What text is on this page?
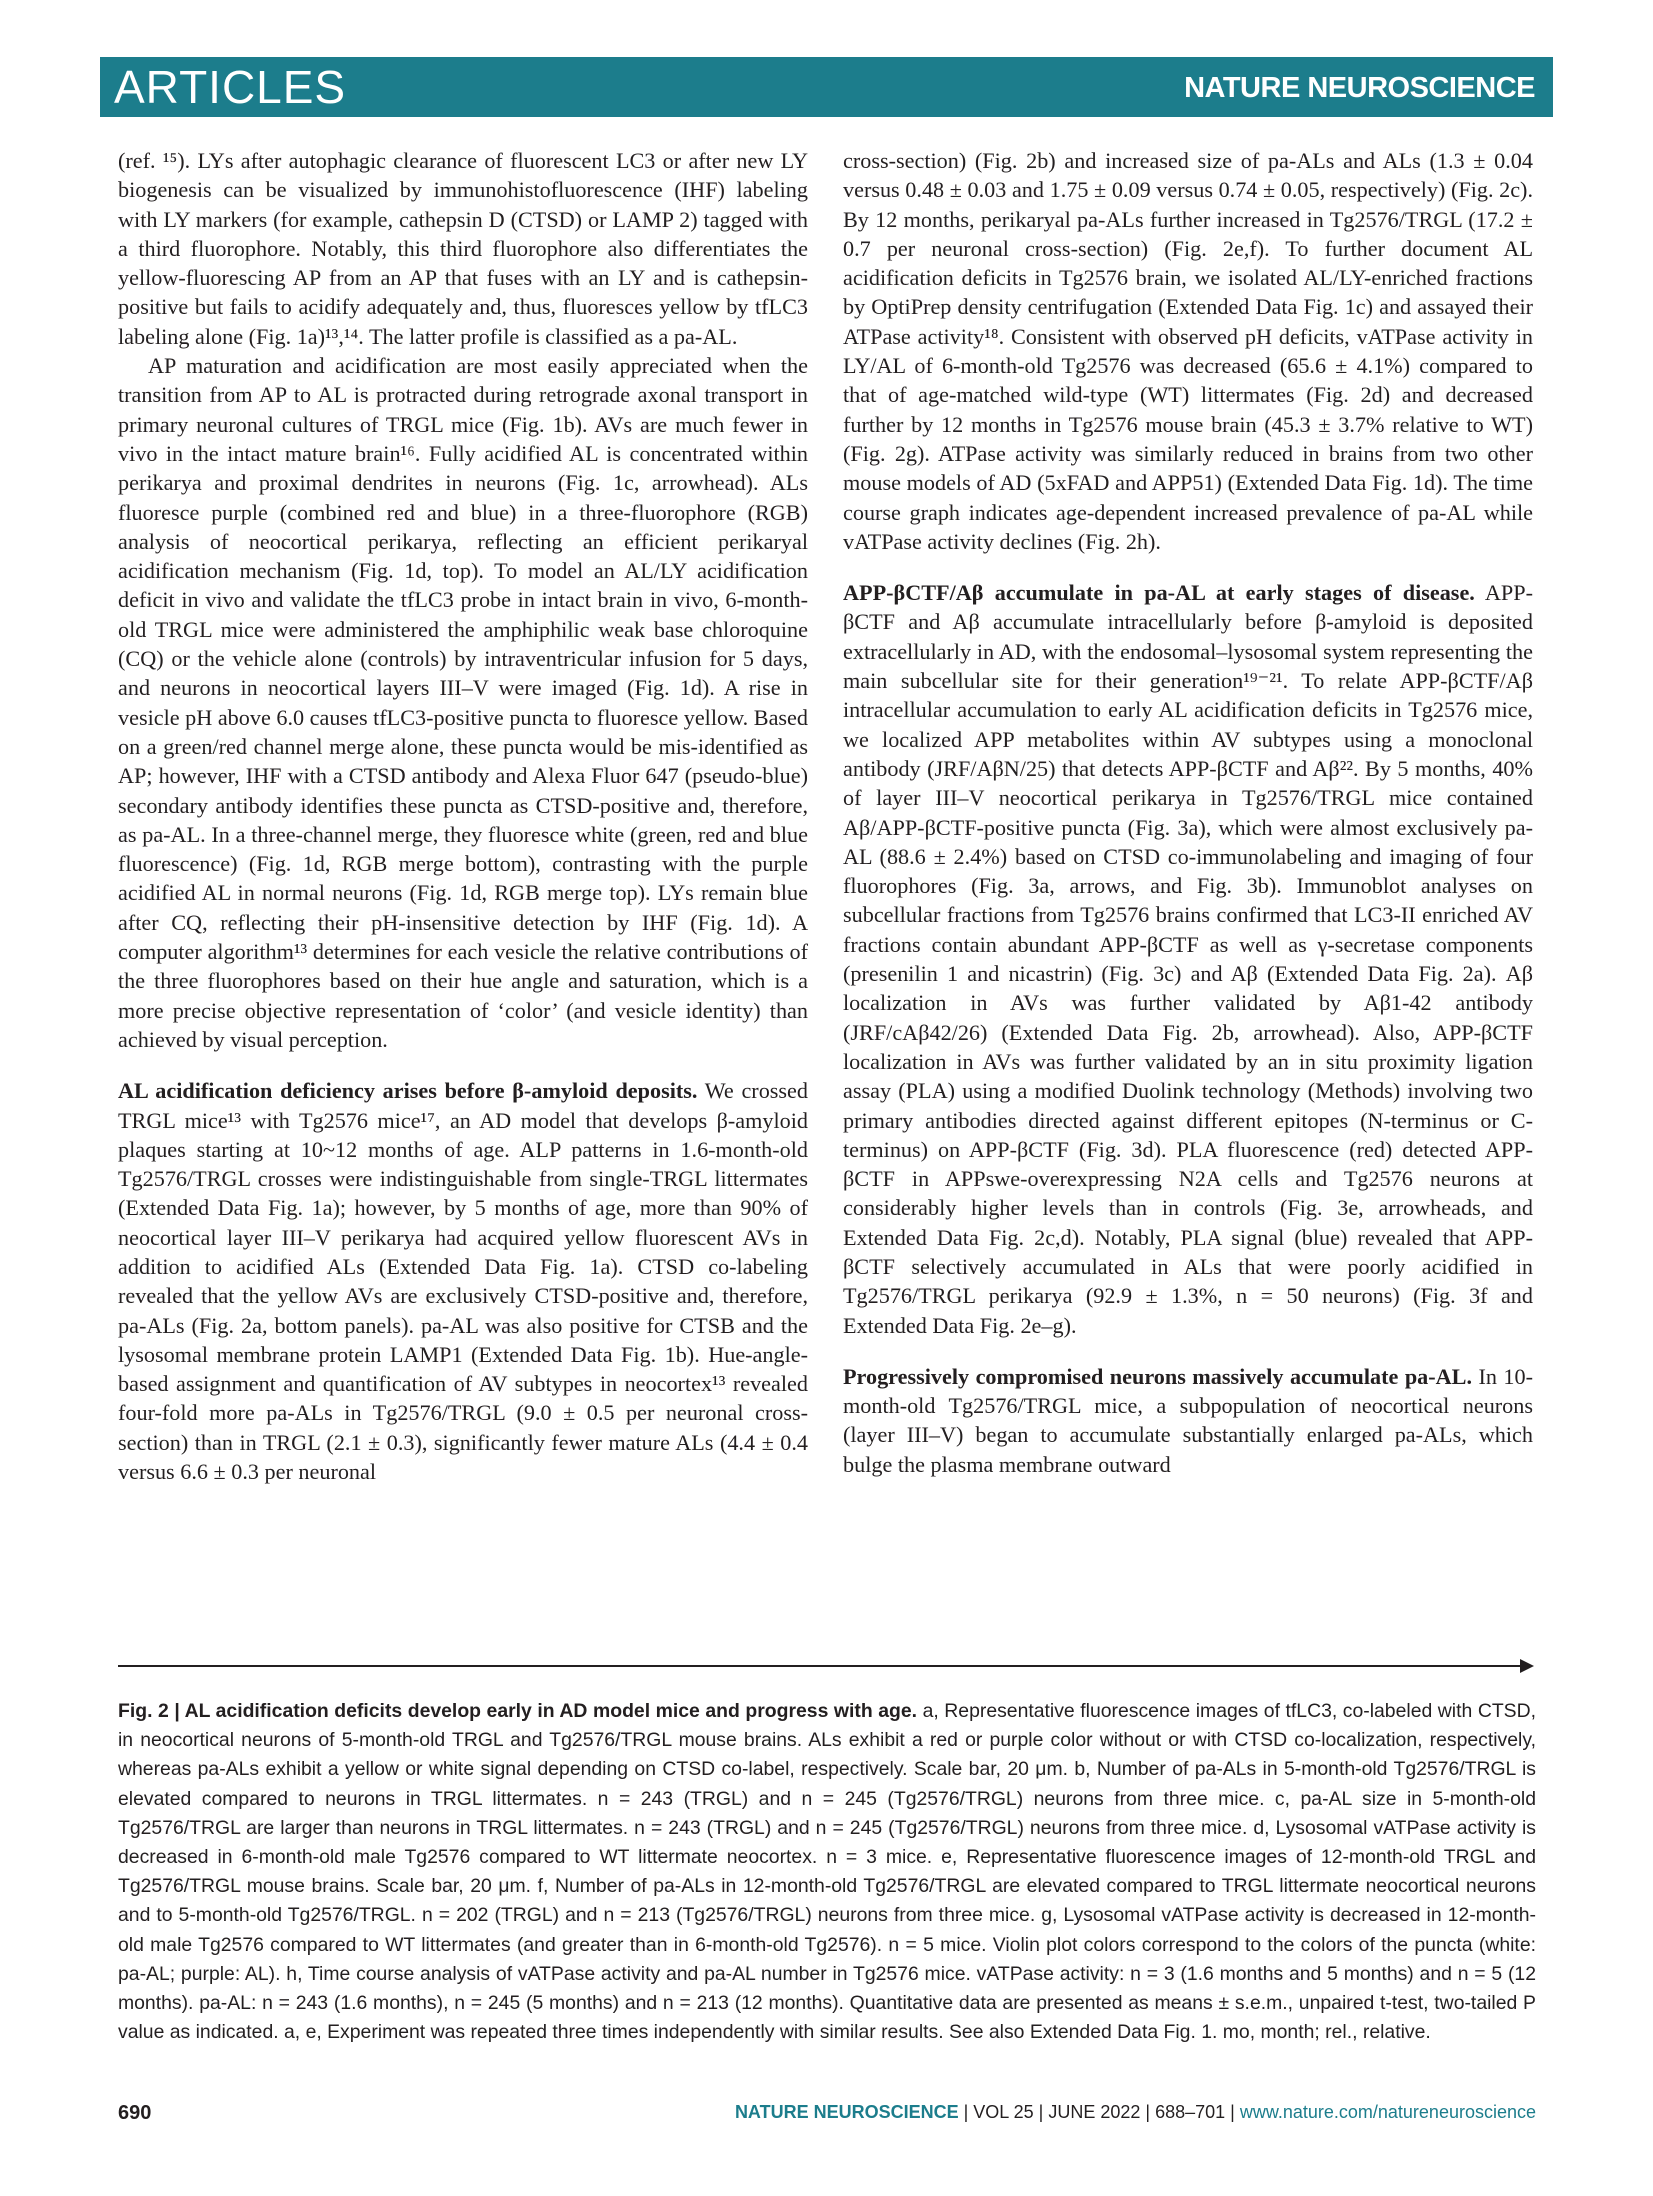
ARTICLES	NATURE NEUROSCIENCE

(ref. ¹⁵). LYs after autophagic clearance of fluorescent LC3 or after new LY biogenesis can be visualized by immunohistofluorescence (IHF) labeling with LY markers (for example, cathepsin D (CTSD) or LAMP 2) tagged with a third fluorophore. Notably, this third fluorophore also differentiates the yellow-fluorescing AP from an AP that fuses with an LY and is cathepsin-positive but fails to acidify adequately and, thus, fluoresces yellow by tfLC3 labeling alone (Fig. 1a)¹³,¹⁴. The latter profile is classified as a pa-AL.

AP maturation and acidification are most easily appreciated when the transition from AP to AL is protracted during retrograde axonal transport in primary neuronal cultures of TRGL mice (Fig. 1b). AVs are much fewer in vivo in the intact mature brain¹⁶. Fully acidified AL is concentrated within perikarya and proximal dendrites in neurons (Fig. 1c, arrowhead). ALs fluoresce purple (combined red and blue) in a three-fluorophore (RGB) analysis of neocortical perikarya, reflecting an efficient perikaryal acidification mechanism (Fig. 1d, top). To model an AL/LY acidification deficit in vivo and validate the tfLC3 probe in intact brain in vivo, 6-month-old TRGL mice were administered the amphiphilic weak base chloroquine (CQ) or the vehicle alone (controls) by intraventricular infusion for 5 days, and neurons in neocortical layers III–V were imaged (Fig. 1d). A rise in vesicle pH above 6.0 causes tfLC3-positive puncta to fluoresce yellow. Based on a green/red channel merge alone, these puncta would be mis-identified as AP; however, IHF with a CTSD antibody and Alexa Fluor 647 (pseudo-blue) secondary antibody identifies these puncta as CTSD-positive and, therefore, as pa-AL. In a three-channel merge, they fluoresce white (green, red and blue fluorescence) (Fig. 1d, RGB merge bottom), contrasting with the purple acidified AL in normal neurons (Fig. 1d, RGB merge top). LYs remain blue after CQ, reflecting their pH-insensitive detection by IHF (Fig. 1d). A computer algorithm¹³ determines for each vesicle the relative contributions of the three fluorophores based on their hue angle and saturation, which is a more precise objective representation of ‘color’ (and vesicle identity) than achieved by visual perception.

AL acidification deficiency arises before β-amyloid deposits. We crossed TRGL mice¹³ with Tg2576 mice¹⁷, an AD model that develops β-amyloid plaques starting at 10~12 months of age. ALP patterns in 1.6-month-old Tg2576/TRGL crosses were indistinguishable from single-TRGL littermates (Extended Data Fig. 1a); however, by 5 months of age, more than 90% of neocortical layer III–V perikarya had acquired yellow fluorescent AVs in addition to acidified ALs (Extended Data Fig. 1a). CTSD co-labeling revealed that the yellow AVs are exclusively CTSD-positive and, therefore, pa-ALs (Fig. 2a, bottom panels). pa-AL was also positive for CTSB and the lysosomal membrane protein LAMP1 (Extended Data Fig. 1b). Hue-angle-based assignment and quantification of AV subtypes in neocortex¹³ revealed four-fold more pa-ALs in Tg2576/TRGL (9.0 ± 0.5 per neuronal cross-section) than in TRGL (2.1 ± 0.3), significantly fewer mature ALs (4.4 ± 0.4 versus 6.6 ± 0.3 per neuronal

cross-section) (Fig. 2b) and increased size of pa-ALs and ALs (1.3 ± 0.04 versus 0.48 ± 0.03 and 1.75 ± 0.09 versus 0.74 ± 0.05, respectively) (Fig. 2c). By 12 months, perikaryal pa-ALs further increased in Tg2576/TRGL (17.2 ± 0.7 per neuronal cross-section) (Fig. 2e,f). To further document AL acidification deficits in Tg2576 brain, we isolated AL/LY-enriched fractions by OptiPrep density centrifugation (Extended Data Fig. 1c) and assayed their ATPase activity¹⁸. Consistent with observed pH deficits, vATPase activity in LY/AL of 6-month-old Tg2576 was decreased (65.6 ± 4.1%) compared to that of age-matched wild-type (WT) littermates (Fig. 2d) and decreased further by 12 months in Tg2576 mouse brain (45.3 ± 3.7% relative to WT) (Fig. 2g). ATPase activity was similarly reduced in brains from two other mouse models of AD (5xFAD and APP51) (Extended Data Fig. 1d). The time course graph indicates age-dependent increased prevalence of pa-AL while vATPase activity declines (Fig. 2h).

APP-βCTF/Aβ accumulate in pa-AL at early stages of disease. APP-βCTF and Aβ accumulate intracellularly before β-amyloid is deposited extracellularly in AD, with the endosomal–lysosomal system representing the main subcellular site for their generation¹⁹⁻²¹. To relate APP-βCTF/Aβ intracellular accumulation to early AL acidification deficits in Tg2576 mice, we localized APP metabolites within AV subtypes using a monoclonal antibody (JRF/AβN/25) that detects APP-βCTF and Aβ²². By 5 months, 40% of layer III–V neocortical perikarya in Tg2576/TRGL mice contained Aβ/APP-βCTF-positive puncta (Fig. 3a), which were almost exclusively pa-AL (88.6 ± 2.4%) based on CTSD co-immunolabeling and imaging of four fluorophores (Fig. 3a, arrows, and Fig. 3b). Immunoblot analyses on subcellular fractions from Tg2576 brains confirmed that LC3-II enriched AV fractions contain abundant APP-βCTF as well as γ-secretase components (presenilin 1 and nicastrin) (Fig. 3c) and Aβ (Extended Data Fig. 2a). Aβ localization in AVs was further validated by Aβ1-42 antibody (JRF/cAβ42/26) (Extended Data Fig. 2b, arrowhead). Also, APP-βCTF localization in AVs was further validated by an in situ proximity ligation assay (PLA) using a modified Duolink technology (Methods) involving two primary antibodies directed against different epitopes (N-terminus or C-terminus) on APP-βCTF (Fig. 3d). PLA fluorescence (red) detected APP-βCTF in APPswe-overexpressing N2A cells and Tg2576 neurons at considerably higher levels than in controls (Fig. 3e, arrowheads, and Extended Data Fig. 2c,d). Notably, PLA signal (blue) revealed that APP-βCTF selectively accumulated in ALs that were poorly acidified in Tg2576/TRGL perikarya (92.9 ± 1.3%, n = 50 neurons) (Fig. 3f and Extended Data Fig. 2e–g).

Progressively compromised neurons massively accumulate pa-AL. In 10-month-old Tg2576/TRGL mice, a subpopulation of neocortical neurons (layer III–V) began to accumulate substantially enlarged pa-ALs, which bulge the plasma membrane outward

Fig. 2 | AL acidification deficits develop early in AD model mice and progress with age. a, Representative fluorescence images of tfLC3, co-labeled with CTSD, in neocortical neurons of 5-month-old TRGL and Tg2576/TRGL mouse brains. ALs exhibit a red or purple color without or with CTSD co-localization, respectively, whereas pa-ALs exhibit a yellow or white signal depending on CTSD co-label, respectively. Scale bar, 20 μm. b, Number of pa-ALs in 5-month-old Tg2576/TRGL is elevated compared to neurons in TRGL littermates. n = 243 (TRGL) and n = 245 (Tg2576/TRGL) neurons from three mice. c, pa-AL size in 5-month-old Tg2576/TRGL are larger than neurons in TRGL littermates. n = 243 (TRGL) and n = 245 (Tg2576/TRGL) neurons from three mice. d, Lysosomal vATPase activity is decreased in 6-month-old male Tg2576 compared to WT littermate neocortex. n = 3 mice. e, Representative fluorescence images of 12-month-old TRGL and Tg2576/TRGL mouse brains. Scale bar, 20 μm. f, Number of pa-ALs in 12-month-old Tg2576/TRGL are elevated compared to TRGL littermate neocortical neurons and to 5-month-old Tg2576/TRGL. n = 202 (TRGL) and n = 213 (Tg2576/TRGL) neurons from three mice. g, Lysosomal vATPase activity is decreased in 12-month-old male Tg2576 compared to WT littermates (and greater than in 6-month-old Tg2576). n = 5 mice. Violin plot colors correspond to the colors of the puncta (white: pa-AL; purple: AL). h, Time course analysis of vATPase activity and pa-AL number in Tg2576 mice. vATPase activity: n = 3 (1.6 months and 5 months) and n = 5 (12 months). pa-AL: n = 243 (1.6 months), n = 245 (5 months) and n = 213 (12 months). Quantitative data are presented as means ± s.e.m., unpaired t-test, two-tailed P value as indicated. a, e, Experiment was repeated three times independently with similar results. See also Extended Data Fig. 1. mo, month; rel., relative.

690	NATURE NEUROSCIENCE | VOL 25 | JUNE 2022 | 688–701 | www.nature.com/natureneuroscience
